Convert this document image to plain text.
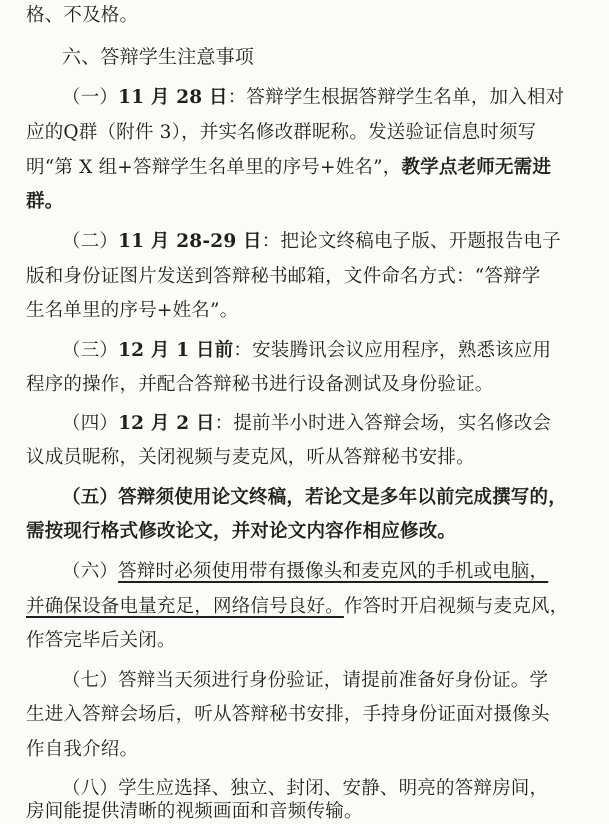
格、不及格。
六、答辩学生注意事项
（一）11 月 28 日：答辩学生根据答辩学生名单，加入相对
应的Q群（附件 3），并实名修改群昵称。发送验证信息时须写
明“第 X 组+答辩学生名单里的序号+姓名”，教学点老师无需进
群。
（二）11 月 28-29 日：把论文终稿电子版、开题报告电子
版和身份证图片发送到答辩秘书邮箱，文件命名方式：“答辩学
生名单里的序号+姓名”。
（三）12 月 1 日前：安装腾讯会议应用程序，熟悉该应用
程序的操作，并配合答辩秘书进行设备测试及身份验证。
（四）12 月 2 日：提前半小时进入答辩会场，实名修改会
议成员昵称，关闭视频与麦克风，听从答辩秘书安排。
（五）答辩须使用论文终稿，若论文是多年以前完成撰写的，
需按现行格式修改论文，并对论文内容作相应修改。
（六）答辩时必须使用带有摄像头和麦克风的手机或电脑，
并确保设备电量充足，网络信号良好。作答时开启视频与麦克风，
作答完毕后关闭。
（七）答辩当天须进行身份验证，请提前准备好身份证。学
生进入答辩会场后，听从答辩秘书安排，手持身份证面对摄像头
作自我介绍。
（八）学生应选择、独立、封闭、安静、明亮的答辩房间，
房间能提供清晰的视频画面和音频传输。
